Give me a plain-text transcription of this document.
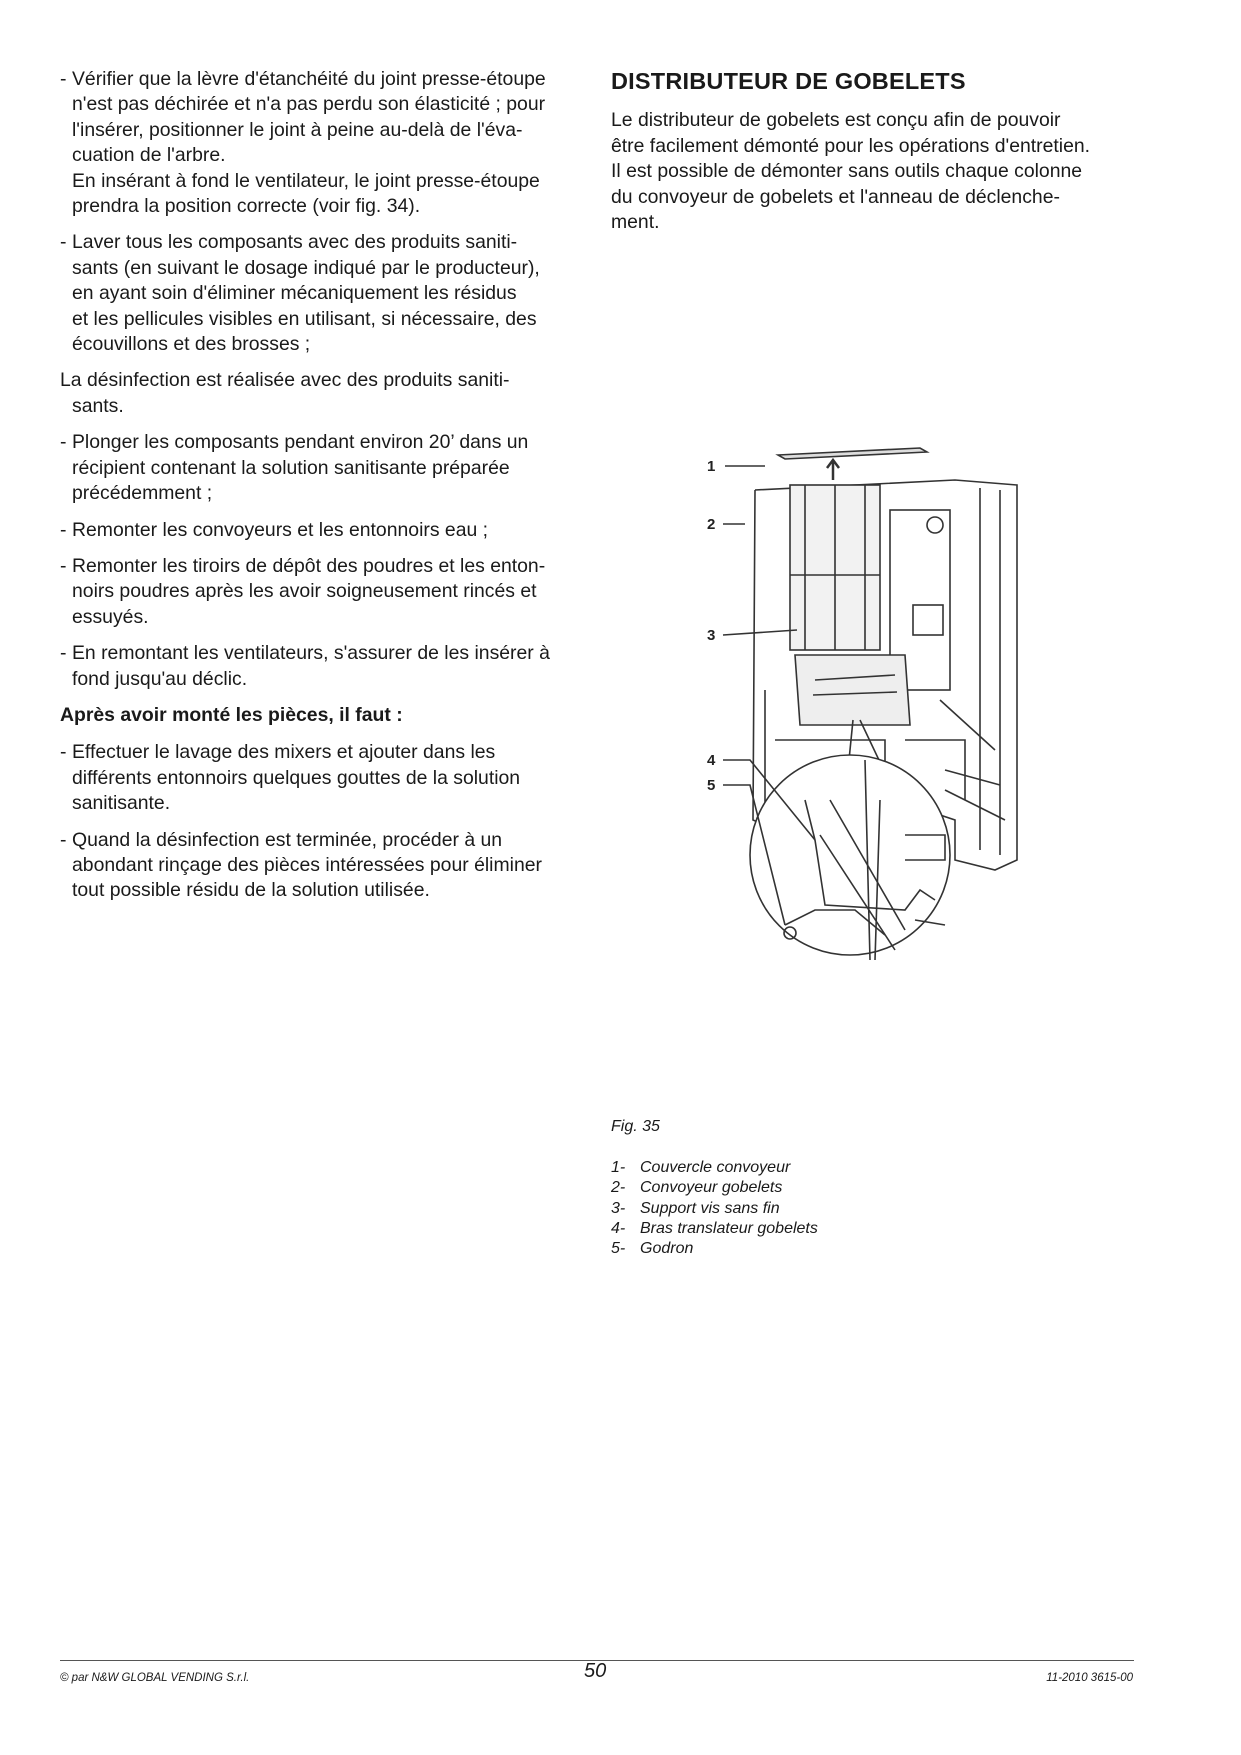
- Vérifier que la lèvre d'étanchéité du joint presse-étoupe
n'est pas déchirée et n'a pas perdu son élasticité ; pour
l'insérer, positionner le joint à peine au-delà de l'éva-
cuation de l'arbre.
En insérant à fond le ventilateur, le joint presse-étoupe
prendra la position correcte (voir fig. 34).
- Laver tous les composants avec des produits saniti-
sants (en suivant le dosage indiqué par le producteur),
en ayant soin d'éliminer mécaniquement les résidus
et les pellicules visibles en utilisant, si nécessaire, des
écouvillons et des brosses ;
La désinfection est réalisée avec des produits saniti-
sants.
- Plonger les composants pendant environ 20’ dans un
récipient contenant la solution sanitisante préparée
précédemment ;
- Remonter les convoyeurs et les entonnoirs eau ;
- Remonter les tiroirs de dépôt des poudres et les enton-
noirs poudres après les avoir soigneusement rincés et
essuyés.
- En remontant les ventilateurs, s'assurer de les insérer à
fond jusqu'au déclic.
Après avoir monté les pièces, il faut :
- Effectuer le lavage des mixers et ajouter dans les
différents entonnoirs quelques gouttes de la solution
sanitisante.
- Quand la désinfection est terminée, procéder à un
abondant rinçage des pièces intéressées pour éliminer
tout possible résidu de la solution utilisée.
DISTRIBUTEUR DE GOBELETS
Le distributeur de gobelets est conçu afin de pouvoir
être facilement démonté pour les opérations d'entretien.
Il est possible de démonter sans outils chaque colonne
du convoyeur de gobelets et l'anneau de déclenche-
ment.
1
2
3
4
5
Fig. 35
1- Couvercle convoyeur
2- Convoyeur gobelets
3- Support vis sans fin
4- Bras translateur gobelets
5- Godron
© par N&W GLOBAL VENDING S.r.l.	50	11-2010 3615-00
